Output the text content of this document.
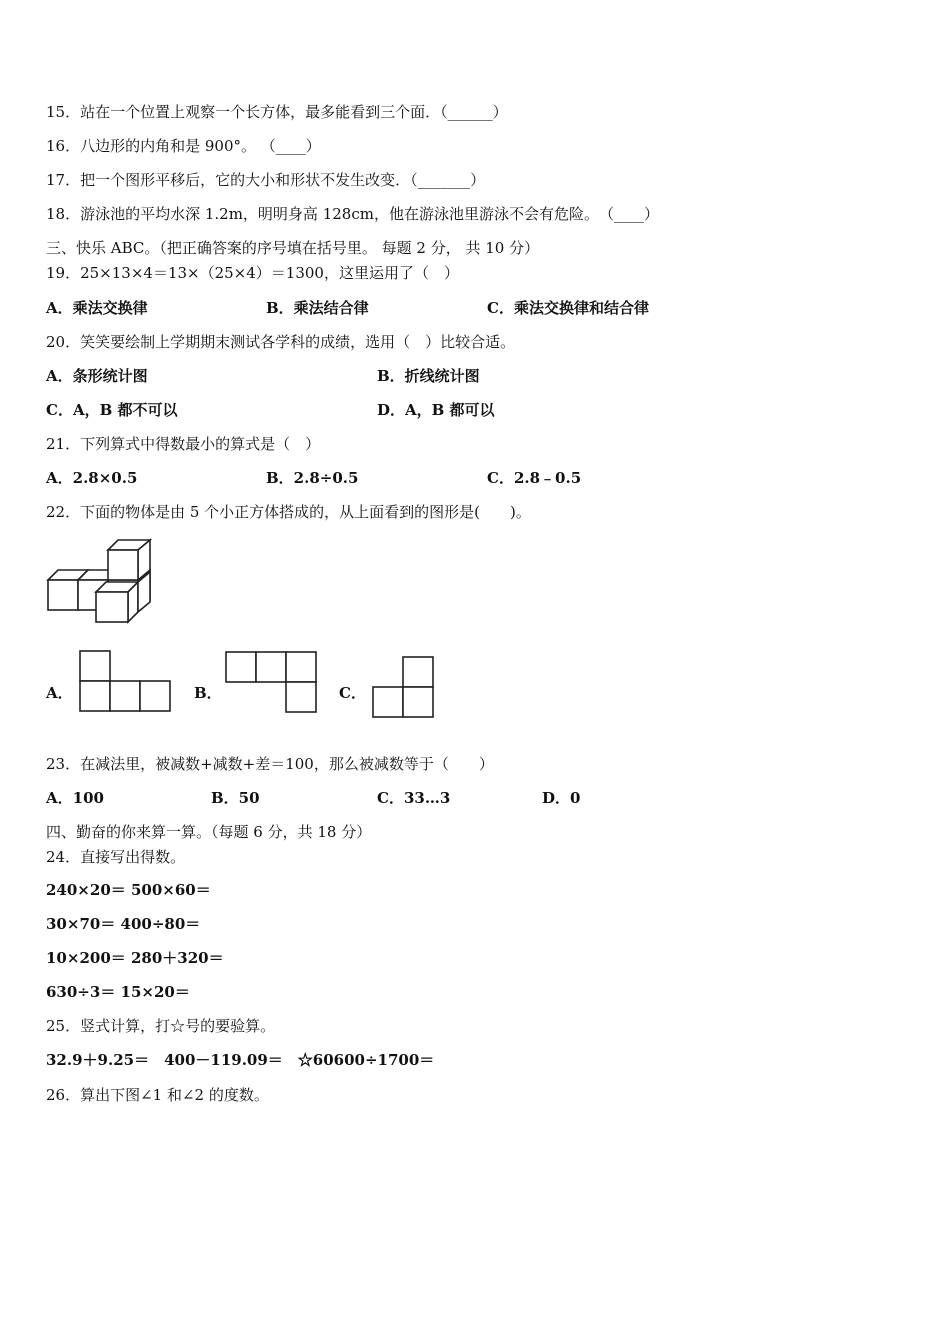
15．站在一个位置上观察一个长方体，最多能看到三个面．（______）
16．八边形的内角和是 900°。 （____）
17．把一个图形平移后，它的大小和形状不发生改变．（_______）
18．游泳池的平均水深 1.2m，明明身高 128cm，他在游泳池里游泳不会有危险。　（____）
三、快乐 ABC。（把正确答案的序号填在括号里。 每题 2 分， 共 10 分）
19．25×13×4＝13×（25×4）＝1300，这里运用了（　）
A．乘法交换律	B．乘法结合律	C．乘法交换律和结合律
20．笑笑要绘制上学期期末测试各学科的成绩，选用（　）比较合适。
A．条形统计图	B．折线统计图
C．A，B 都不可以	D．A，B 都可以
21．下列算式中得数最小的算式是（　）
A．2.8×0.5	B．2.8÷0.5	C．2.8﹣0.5
22．下面的物体是由 5 个小正方体搭成的，从上面看到的图形是(　　)。
A．	B．	C．
23．在减法里，被减数+减数+差＝100，那么被减数等于（　　）
A．100	B．50	C．33…3	D．0
四、勤奋的你来算一算。（每题 6 分，共 18 分）
24．直接写出得数。
240×20＝ 500×60＝
30×70＝ 400÷80＝
10×200＝ 280＋320＝
630÷3＝ 15×20＝
25．竖式计算，打☆号的要验算。
32.9＋9.25＝　400－119.09＝　☆60600÷1700＝
26．算出下图∠1 和∠2 的度数。
